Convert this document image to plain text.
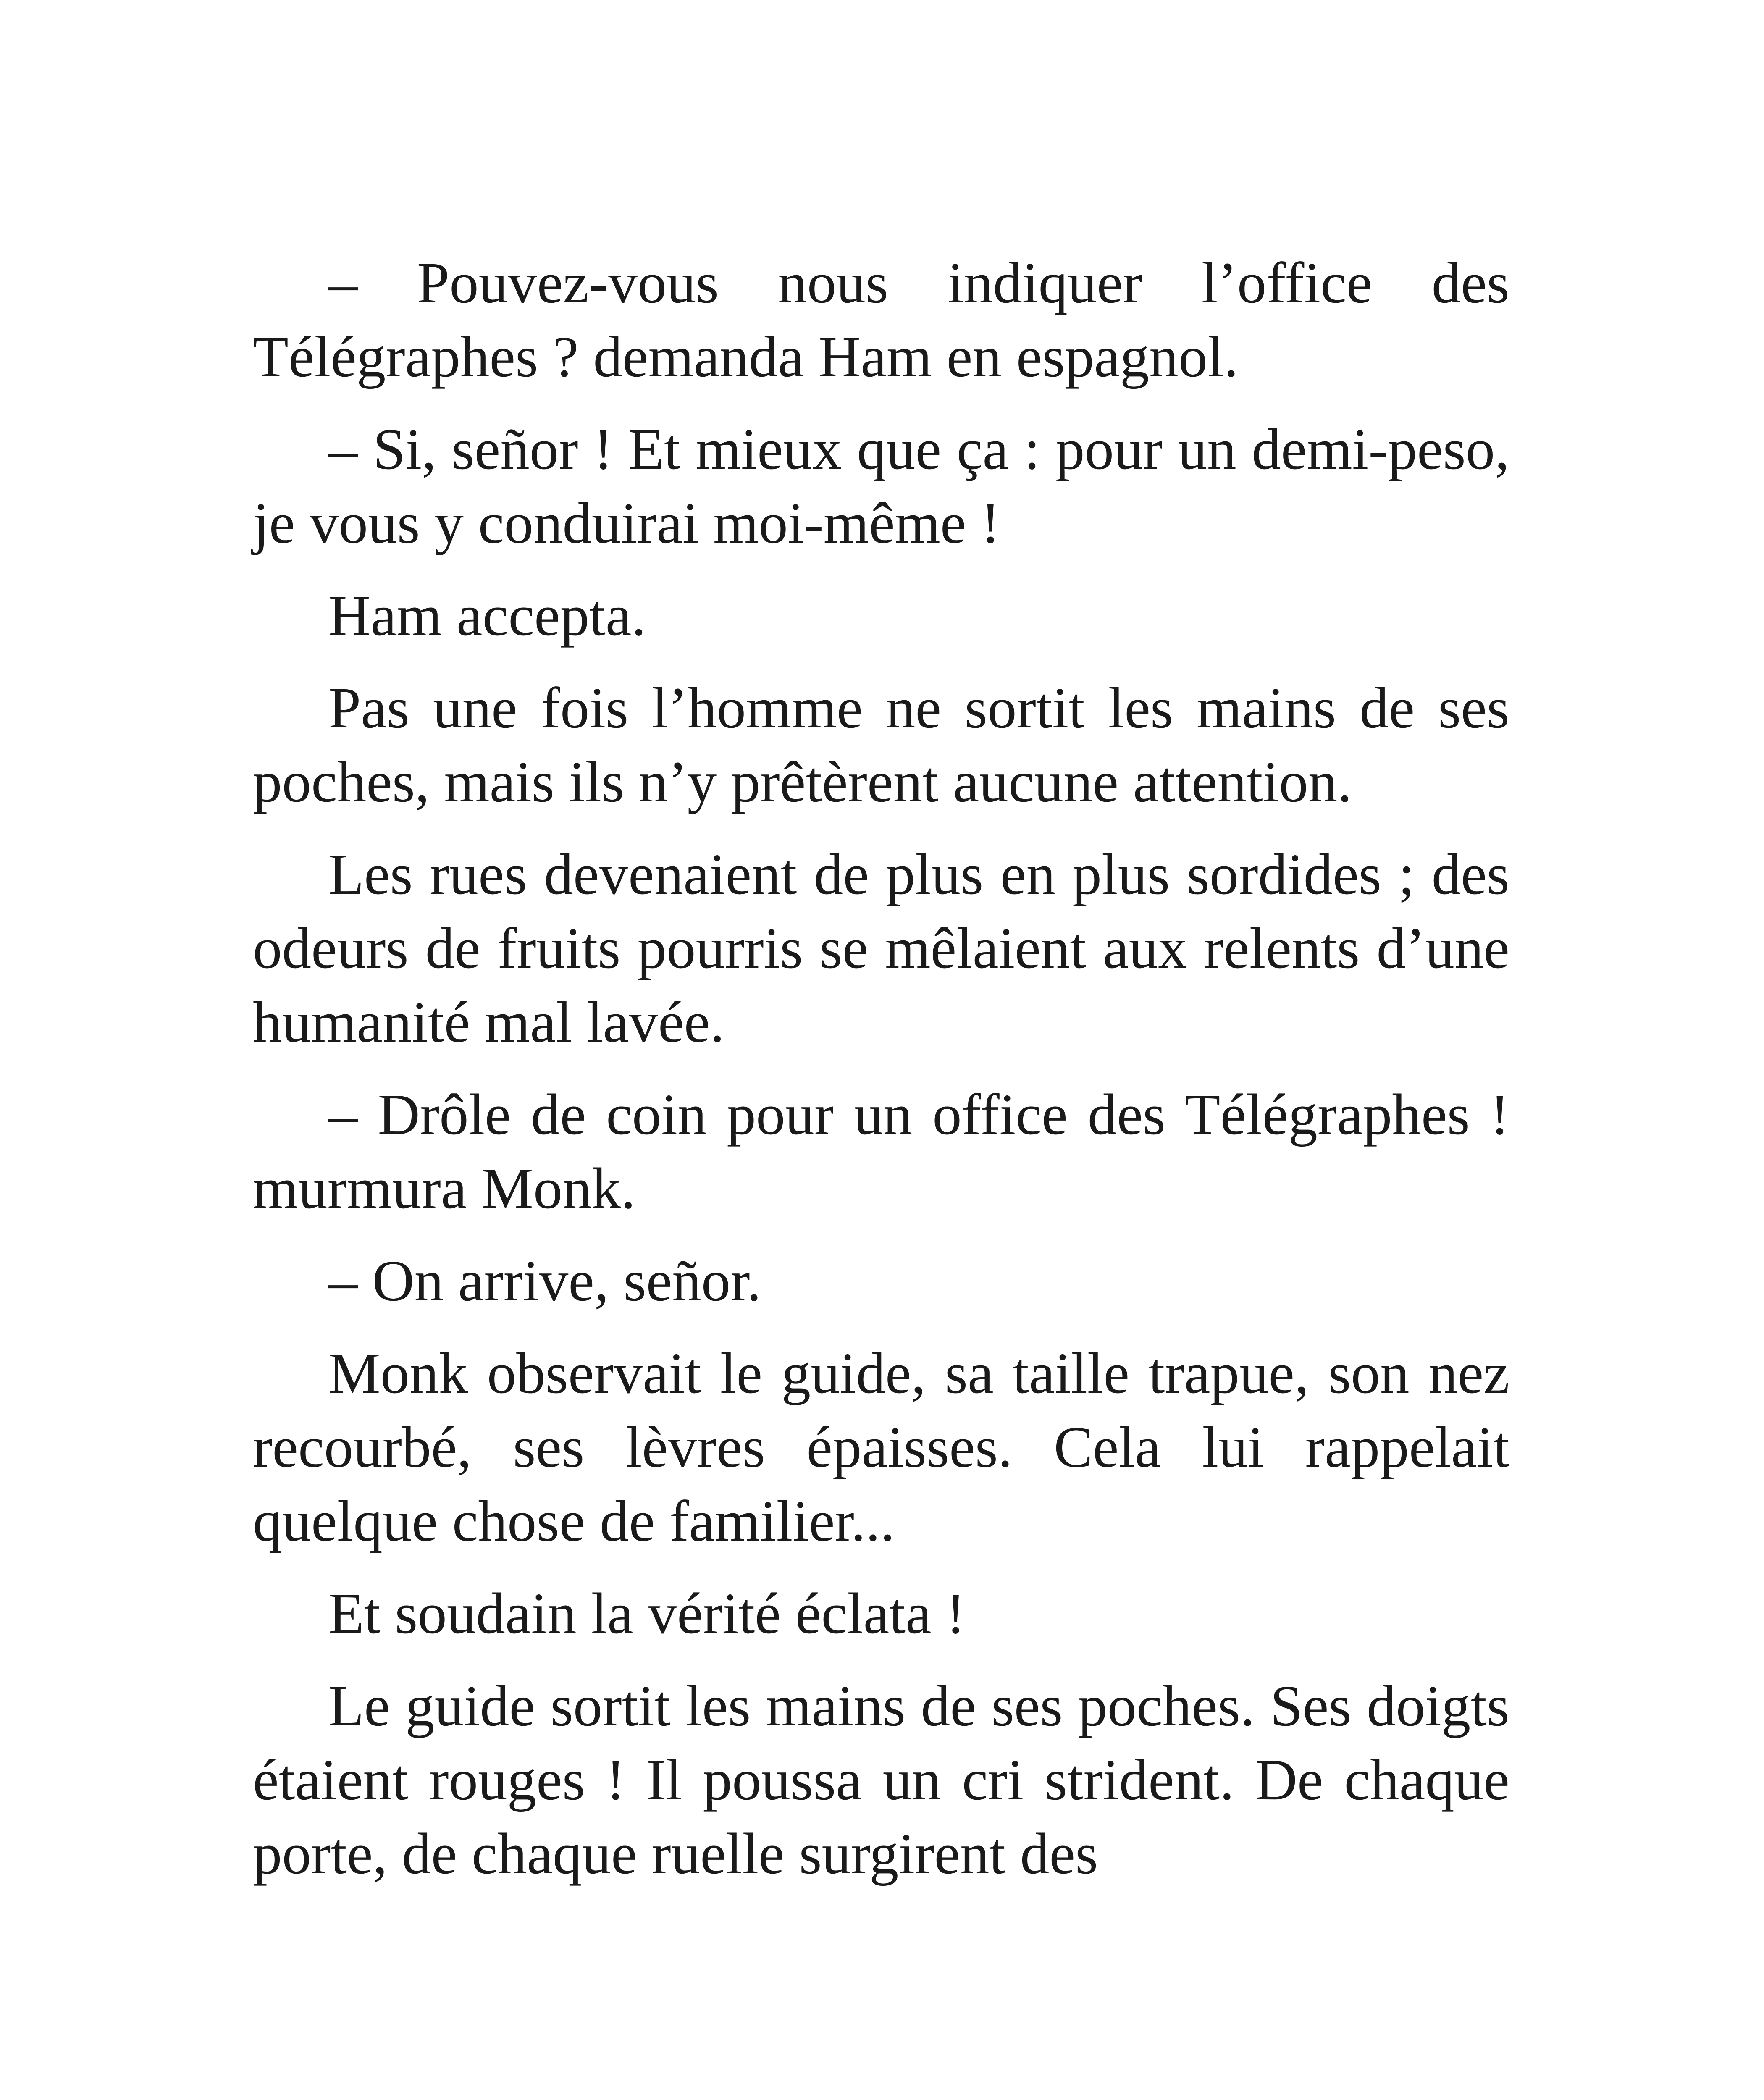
– Pouvez-vous nous indiquer l’office des Télégraphes ? demanda Ham en espagnol.

– Si, señor ! Et mieux que ça : pour un demi-peso, je vous y conduirai moi-même !

Ham accepta.

Pas une fois l’homme ne sortit les mains de ses poches, mais ils n’y prêtèrent aucune attention.

Les rues devenaient de plus en plus sordides ; des odeurs de fruits pourris se mêlaient aux relents d’une humanité mal lavée.

– Drôle de coin pour un office des Télégraphes ! murmura Monk.

– On arrive, señor.

Monk observait le guide, sa taille trapue, son nez recourbé, ses lèvres épaisses. Cela lui rappelait quelque chose de familier...

Et soudain la vérité éclata !

Le guide sortit les mains de ses poches. Ses doigts étaient rouges ! Il poussa un cri strident. De chaque porte, de chaque ruelle surgirent des
